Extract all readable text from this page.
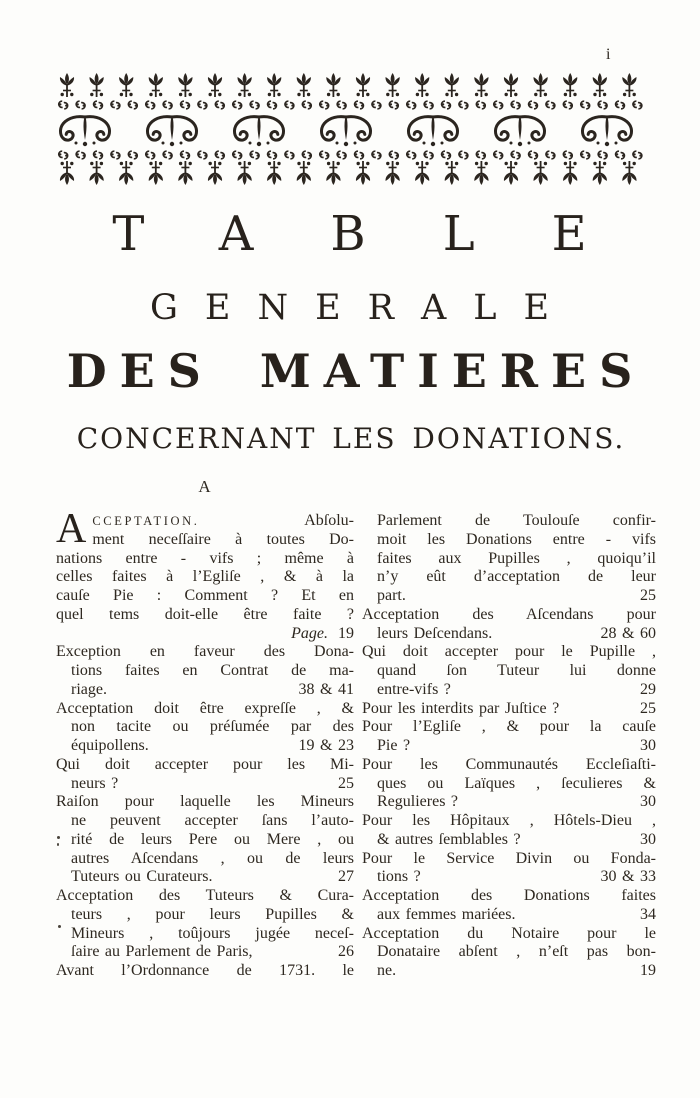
i
TABLE
GENERALE
DES MATIERES
CONCERNANT LES DONATIONS.
A
A CCEPTATION.	Abſolu-
ment neceſſaire à toutes Do-
nations entre - vifs ; même à
celles faites à l’Egliſe , & à la
cauſe Pie : Comment ? Et en
quel tems doit-elle être faite ?
Page. 19
Exception en faveur des Dona-
tions faites en Contrat de ma-
riage.	38 & 41
Acceptation doit être expreſſe , &
non tacite ou préſumée par des
équipollens.	19 & 23
Qui doit accepter pour les Mi-
neurs ?	25
Raiſon pour laquelle les Mineurs
ne peuvent accepter ſans l’auto-
rité de leurs Pere ou Mere , ou
autres Aſcendans , ou de leurs
Tuteurs ou Curateurs.	27
Acceptation des Tuteurs & Cura-
teurs , pour leurs Pupilles &
Mineurs , toûjours jugée neceſ-
ſaire au Parlement de Paris,	26
Avant l’Ordonnance de 1731. le
Parlement de Toulouſe confir-
moit les Donations entre - vifs
faites aux Pupilles , quoiqu’il
n’y eût d’acceptation de leur
part.	25
Acceptation des Aſcendans pour
leurs Deſcendans.	28 & 60
Qui doit accepter pour le Pupille ,
quand ſon Tuteur lui donne
entre-vifs ?	29
Pour les interdits par Juſtice ?	25
Pour l’Egliſe , & pour la cauſe
Pie ?	30
Pour les Communautés Eccleſiaſti-
ques ou Laïques , ſeculieres &
Regulieres ?	30
Pour les Hôpitaux , Hôtels-Dieu ,
& autres ſemblables ?	30
Pour le Service Divin ou Fonda-
tions ?	30 & 33
Acceptation des Donations faites
aux femmes mariées.	34
Acceptation du Notaire pour le
Donataire abſent , n’eſt pas bon-
ne.	19
